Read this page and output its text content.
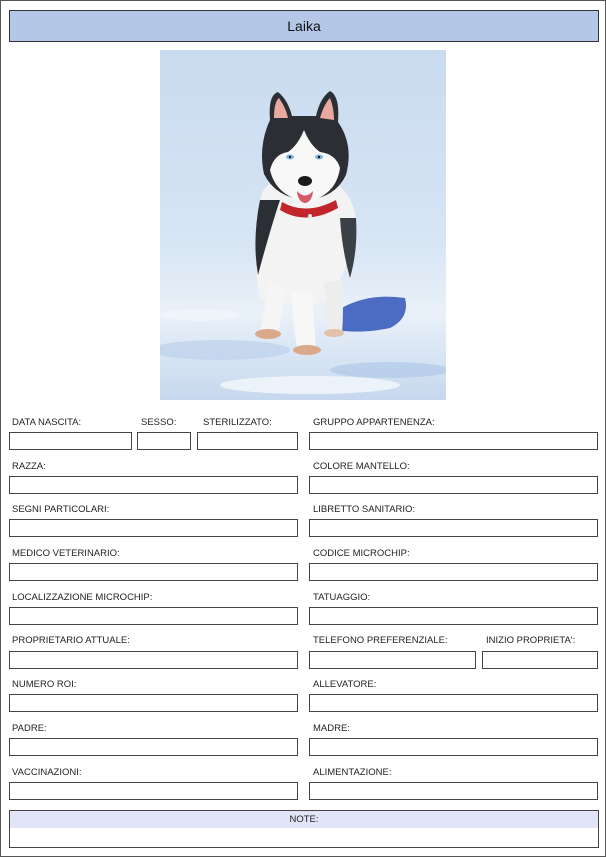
Laika
DATA NASCITA:	SESSO:	STERILIZZATO:	GRUPPO APPARTENENZA:
RAZZA:	COLORE MANTELLO:
SEGNI PARTICOLARI:	LIBRETTO SANITARIO:
MEDICO VETERINARIO:	CODICE MICROCHIP:
LOCALIZZAZIONE MICROCHIP:	TATUAGGIO:
PROPRIETARIO ATTUALE:	TELEFONO PREFERENZIALE:	INIZIO PROPRIETA':
NUMERO ROI:	ALLEVATORE:
PADRE:	MADRE:
VACCINAZIONI:	ALIMENTAZIONE:
NOTE:
